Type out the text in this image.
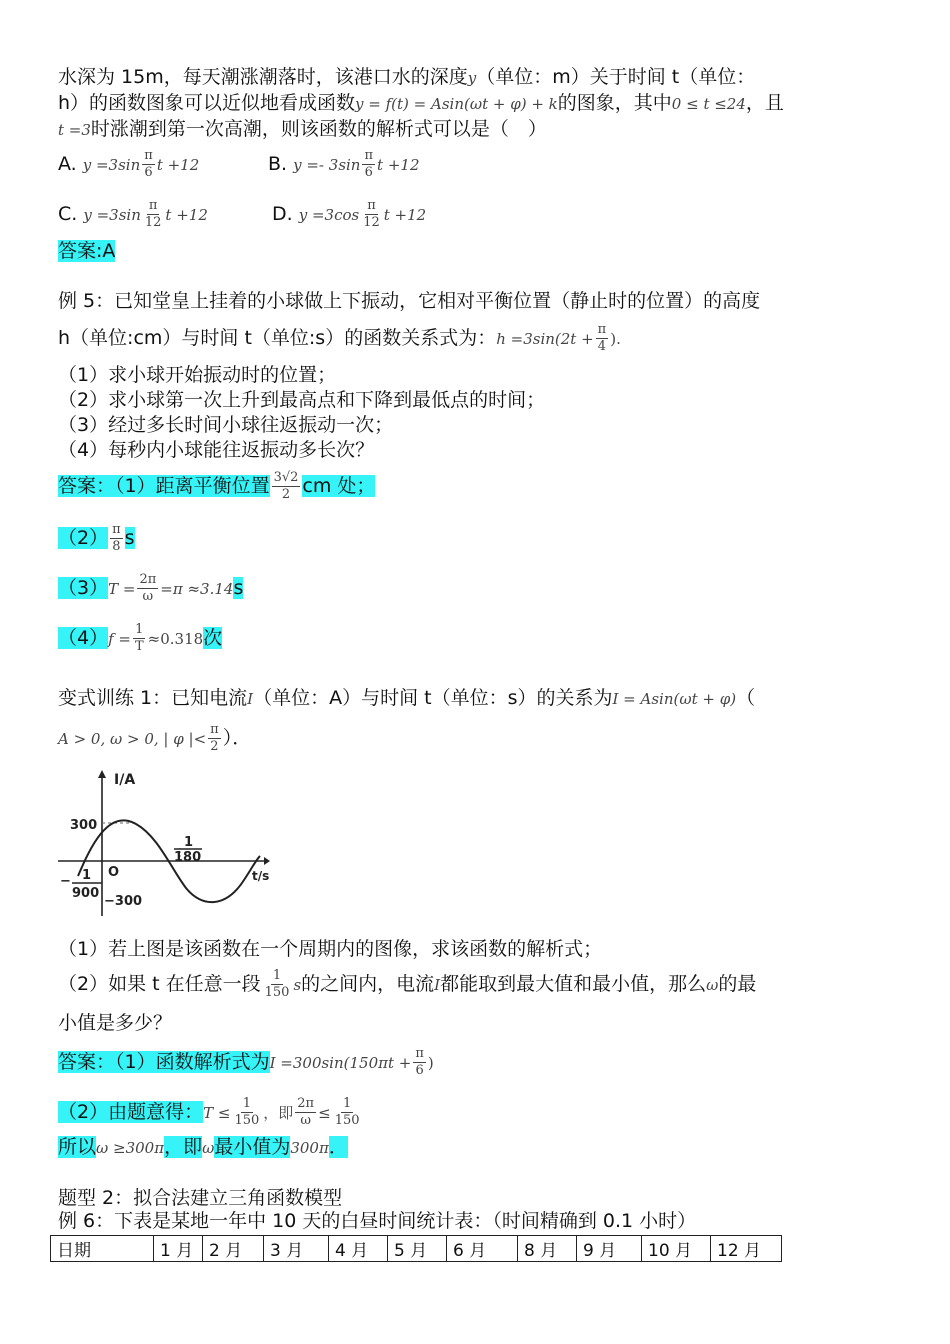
水深为 15m，每天潮涨潮落时，该港口水的深度y（单位：m）关于时间 t（单位：
h）的函数图象可以近似地看成函数y = f(t) = Asin(ωt + φ) + k的图象，其中0 ≤ t ≤24，且
t =3时涨潮到第一次高潮，则该函数的解析式可以是（　）
A. $y =3\sin \frac{\pi}{6}$ t +12	B. $y =- 3\sin \frac{\pi}{6}$ t +12
C. $y =3\sin \frac{\pi}{12}$ t +12	D. $y =3\cos \frac{\pi}{12}$ t +12
答案:A
例 5：已知堂皇上挂着的小球做上下振动，它相对平衡位置（静止时的位置）的高度
h（单位:cm）与时间 t（单位:s）的函数关系式为：$h =3\sin(2t + \frac{\pi}{4}$ ).
（1）求小球开始振动时的位置；
（2）求小球第一次上升到最高点和下降到最低点的时间；
（3）经过多长时间小球往返振动一次；
（4）每秒内小球能往返振动多长次？
答案：（1）距离平衡位置 $\frac{3√2}{2}$ cm 处；
$(2) \frac{\pi}{8}$ s
$(3)T = \frac{2\pi}{\omega} =\pi \approx 3.14s$
$(4)f = \frac{1}{T} \approx 0.318$次
变式训练 1：已知电流I（单位：A）与时间 t（单位：s）的关系为I = Asin(ωt + φ)（
A > 0, ω > 0, | φ |< $\frac{\pi}{2}$ ）．
I/A
300
O	t/s
−300
− 1
900
1
180
（1）若上图是该函数在一个周期内的图像，求该函数的解析式；
（2）如果 t 在任意一段 $\frac{1}{150}$ s的之间内，电流I都能取到最大值和最小值，那么ω的最
小值是多少？
答案：（1）函数解析式为$I =300\sin(150\pi t + \frac{\pi}{6}$ )
（2）由题意得：$T \le \frac{1}{150}$ ，即 $\frac{2\pi}{\omega} \le \frac{1}{150}$
所以ω ≥300π，即ω最小值为300π．
题型 2：拟合法建立三角函数模型
例 6：下表是某地一年中 10 天的白昼时间统计表：（时间精确到 0.1 小时）
日期	1 月	2 月	3 月	4 月	5 月	6 月	8 月	9 月	10 月	12 月
